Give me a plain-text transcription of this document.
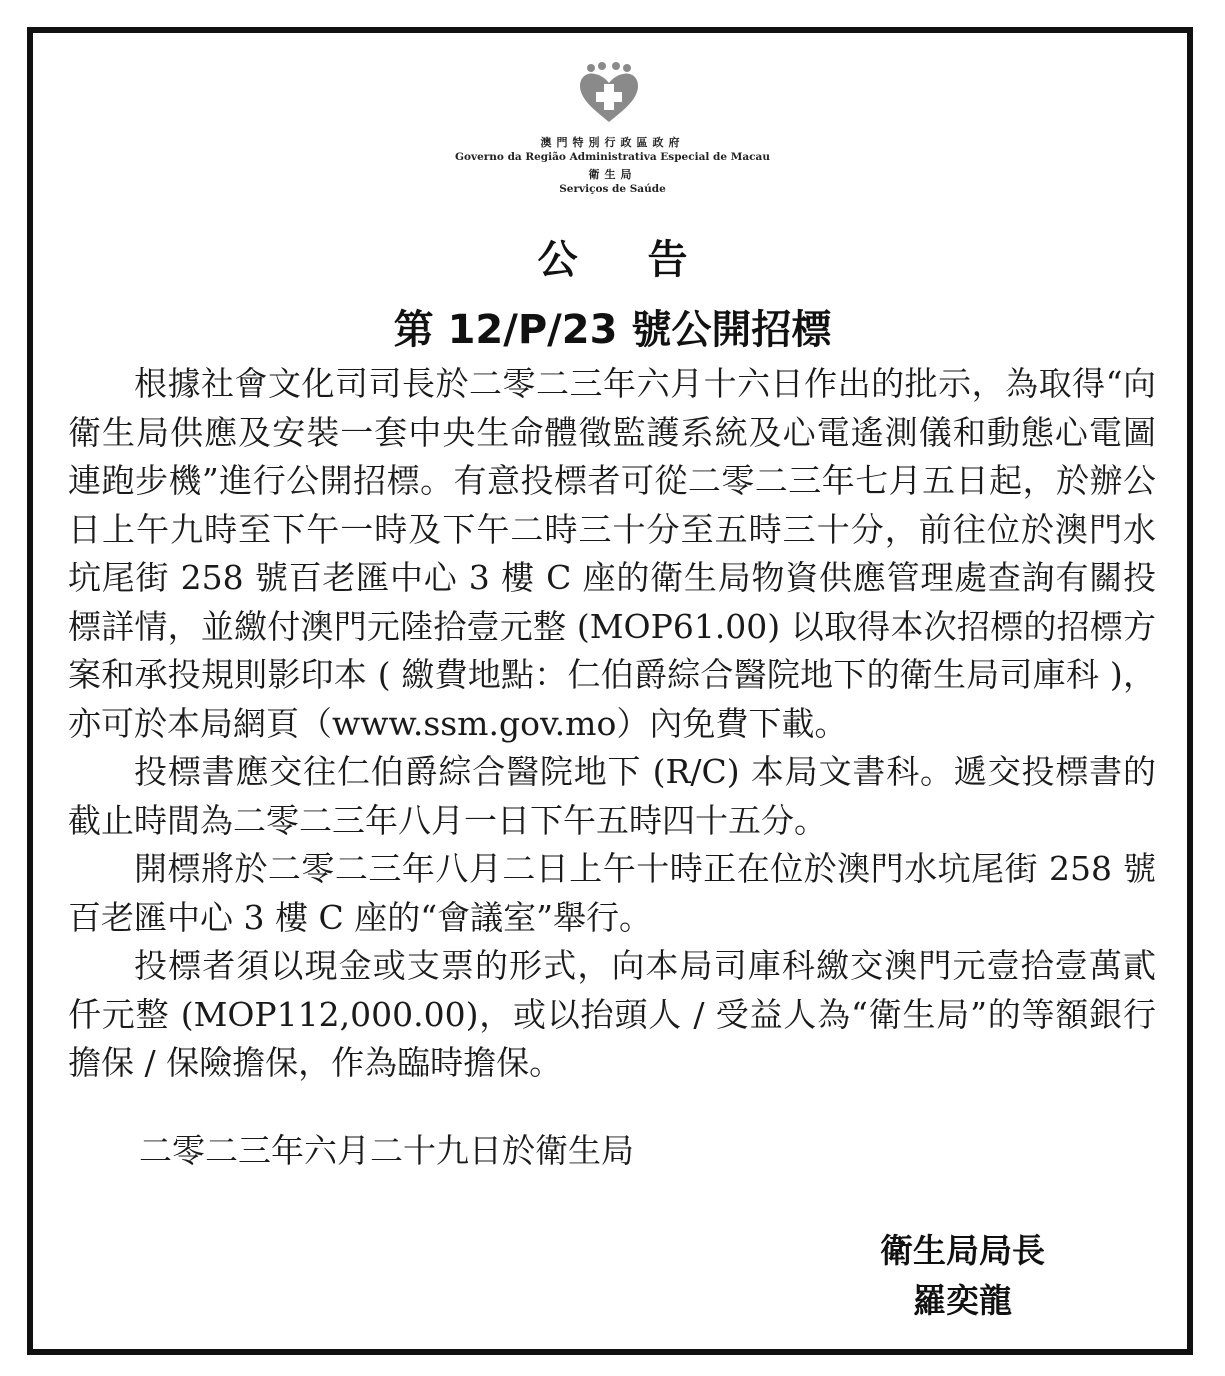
澳門特別行政區政府
Governo da Região Administrativa Especial de Macau
衛生局
Serviços de Saúde
公 告
第 12/P/23 號公開招標

根據社會文化司司長於二零二三年六月十六日作出的批示，為取得“向衛生局供應及安裝一套中央生命體徵監護系統及心電遙測儀和動態心電圖連跑步機”進行公開招標。有意投標者可從二零二三年七月五日起，於辦公日上午九時至下午一時及下午二時三十分至五時三十分，前往位於澳門水坑尾街 258 號百老匯中心 3 樓 C 座的衛生局物資供應管理處查詢有關投標詳情，並繳付澳門元陸拾壹元整 (MOP61.00) 以取得本次招標的招標方案和承投規則影印本 ( 繳費地點：仁伯爵綜合醫院地下的衛生局司庫科 )，亦可於本局網頁（www.ssm.gov.mo）內免費下載。

投標書應交往仁伯爵綜合醫院地下 (R/C) 本局文書科。遞交投標書的截止時間為二零二三年八月一日下午五時四十五分。

開標將於二零二三年八月二日上午十時正在位於澳門水坑尾街 258 號百老匯中心 3 樓 C 座的“會議室”舉行。

投標者須以現金或支票的形式，向本局司庫科繳交澳門元壹拾壹萬貳仟元整 (MOP112,000.00)，或以抬頭人 / 受益人為“衛生局”的等額銀行擔保 / 保險擔保，作為臨時擔保。

二零二三年六月二十九日於衛生局
衛生局局長
羅奕龍
